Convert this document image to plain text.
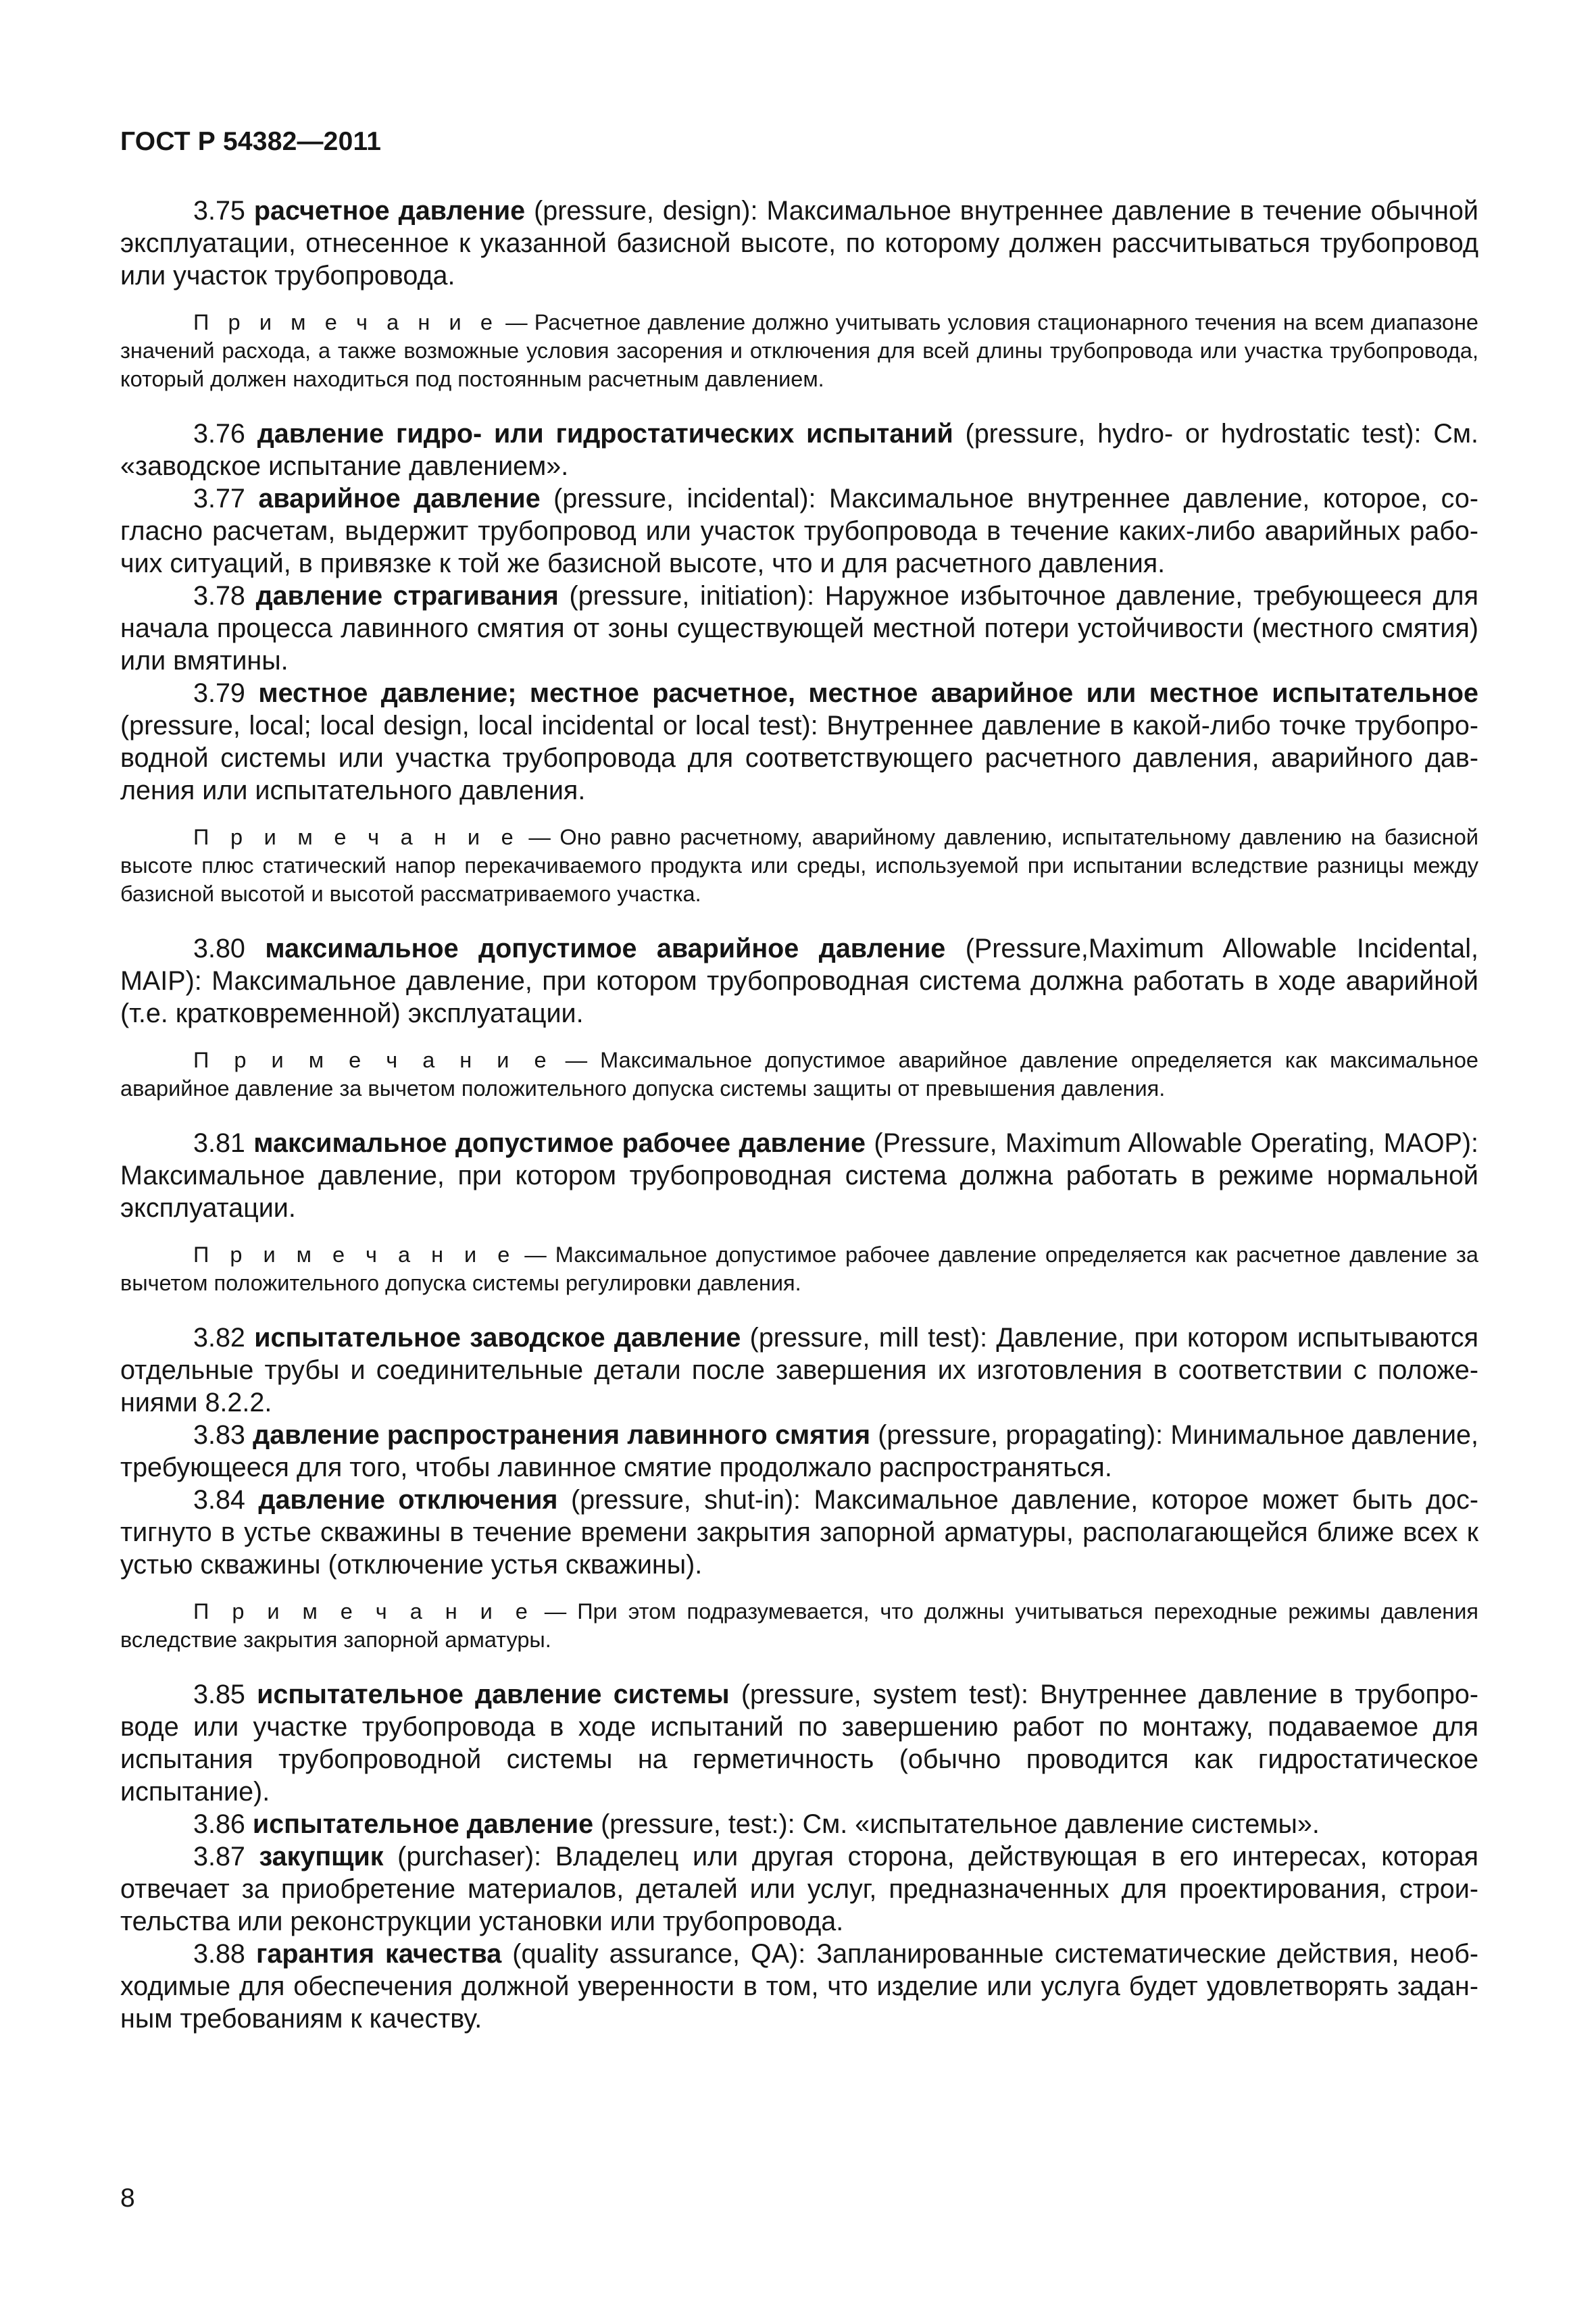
ГОСТ Р 54382—2011

3.75 расчетное давление (pressure, design): Максимальное внутреннее давление в течение обычной эксплуатации, отнесенное к указанной базисной высоте, по которому должен рассчитываться трубопровод или участок трубопровода.

П р и м е ч а н и е — Расчетное давление должно учитывать условия стационарного течения на всем диапазоне значений расхода, а также возможные условия засорения и отключения для всей длины трубопровода или участка трубопровода, который должен находиться под постоянным расчетным давлением.

3.76 давление гидро- или гидростатических испытаний (pressure, hydro- or hydrostatic test): См. «заводское испытание давлением».

3.77 аварийное давление (pressure, incidental): Максимальное внутреннее давление, которое, согласно расчетам, выдержит трубопровод или участок трубопровода в течение каких-либо аварийных рабочих ситуаций, в привязке к той же базисной высоте, что и для расчетного давления.

3.78 давление страгивания (pressure, initiation): Наружное избыточное давление, требующееся для начала процесса лавинного смятия от зоны существующей местной потери устойчивости (местного смятия) или вмятины.

3.79 местное давление; местное расчетное, местное аварийное или местное испытательное (pressure, local; local design, local incidental or local test): Внутреннее давление в какой-либо точке трубопроводной системы или участка трубопровода для соответствующего расчетного давления, аварийного давления или испытательного давления.

П р и м е ч а н и е — Оно равно расчетному, аварийному давлению, испытательному давлению на базисной высоте плюс статический напор перекачиваемого продукта или среды, используемой при испытании вследствие разницы между базисной высотой и высотой рассматриваемого участка.

3.80 максимальное допустимое аварийное давление (Pressure,Maximum Allowable Incidental, MAIP): Максимальное давление, при котором трубопроводная система должна работать в ходе аварийной (т.е. кратковременной) эксплуатации.

П р и м е ч а н и е — Максимальное допустимое аварийное давление определяется как максимальное аварийное давление за вычетом положительного допуска системы защиты от превышения давления.

3.81 максимальное допустимое рабочее давление (Pressure, Maximum Allowable Operating, MAOP): Максимальное давление, при котором трубопроводная система должна работать в режиме нормальной эксплуатации.

П р и м е ч а н и е — Максимальное допустимое рабочее давление определяется как расчетное давление за вычетом положительного допуска системы регулировки давления.

3.82 испытательное заводское давление (pressure, mill test): Давление, при котором испытываются отдельные трубы и соединительные детали после завершения их изготовления в соответствии с положениями 8.2.2.

3.83 давление распространения лавинного смятия (pressure, propagating): Минимальное давление, требующееся для того, чтобы лавинное смятие продолжало распространяться.

3.84 давление отключения (pressure, shut-in): Максимальное давление, которое может быть достигнуто в устье скважины в течение времени закрытия запорной арматуры, располагающейся ближе всех к устью скважины (отключение устья скважины).

П р и м е ч а н и е — При этом подразумевается, что должны учитываться переходные режимы давления вследствие закрытия запорной арматуры.

3.85 испытательное давление системы (pressure, system test): Внутреннее давление в трубопроводе или участке трубопровода в ходе испытаний по завершению работ по монтажу, подаваемое для испытания трубопроводной системы на герметичность (обычно проводится как гидростатическое испытание).

3.86 испытательное давление (pressure, test:): См. «испытательное давление системы».

3.87 закупщик (purchaser): Владелец или другая сторона, действующая в его интересах, которая отвечает за приобретение материалов, деталей или услуг, предназначенных для проектирования, строительства или реконструкции установки или трубопровода.

3.88 гарантия качества (quality assurance, QA): Запланированные систематические действия, необходимые для обеспечения должной уверенности в том, что изделие или услуга будет удовлетворять заданным требованиям к качеству.

8
